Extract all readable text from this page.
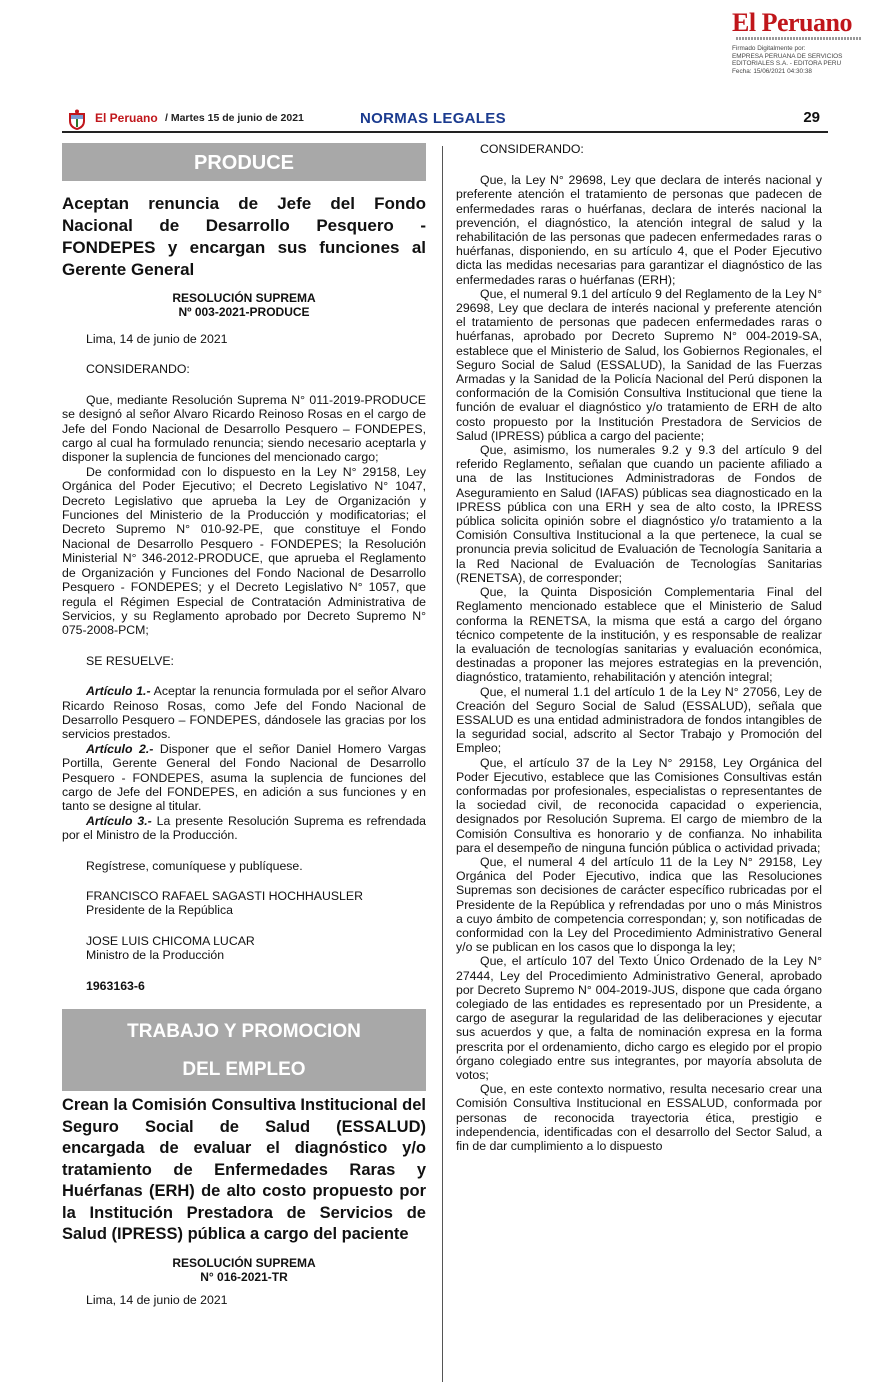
El Peruano
Firmado Digitalmente por:
EMPRESA PERUANA DE SERVICIOS
EDITORIALES S.A. - EDITORA PERU
Fecha: 15/06/2021 04:30:38
El Peruano / Martes 15 de junio de 2021	NORMAS LEGALES	29
PRODUCE

Aceptan renuncia de Jefe del Fondo Nacional de Desarrollo Pesquero - FONDEPES y encargan sus funciones al Gerente General

RESOLUCIÓN SUPREMA
Nº 003-2021-PRODUCE

Lima, 14 de junio de 2021

CONSIDERANDO:

Que, mediante Resolución Suprema N° 011-2019-PRODUCE se designó al señor Alvaro Ricardo Reinoso Rosas en el cargo de Jefe del Fondo Nacional de Desarrollo Pesquero – FONDEPES, cargo al cual ha formulado renuncia; siendo necesario aceptarla y disponer la suplencia de funciones del mencionado cargo;

De conformidad con lo dispuesto en la Ley N° 29158, Ley Orgánica del Poder Ejecutivo; el Decreto Legislativo N° 1047, Decreto Legislativo que aprueba la Ley de Organización y Funciones del Ministerio de la Producción y modificatorias; el Decreto Supremo N° 010-92-PE, que constituye el Fondo Nacional de Desarrollo Pesquero - FONDEPES; la Resolución Ministerial N° 346-2012-PRODUCE, que aprueba el Reglamento de Organización y Funciones del Fondo Nacional de Desarrollo Pesquero - FONDEPES; y el Decreto Legislativo N° 1057, que regula el Régimen Especial de Contratación Administrativa de Servicios, y su Reglamento aprobado por Decreto Supremo N° 075-2008-PCM;

SE RESUELVE:

Artículo 1.- Aceptar la renuncia formulada por el señor Alvaro Ricardo Reinoso Rosas, como Jefe del Fondo Nacional de Desarrollo Pesquero – FONDEPES, dándosele las gracias por los servicios prestados.

Artículo 2.- Disponer que el señor Daniel Homero Vargas Portilla, Gerente General del Fondo Nacional de Desarrollo Pesquero - FONDEPES, asuma la suplencia de funciones del cargo de Jefe del FONDEPES, en adición a sus funciones y en tanto se designe al titular.

Artículo 3.- La presente Resolución Suprema es refrendada por el Ministro de la Producción.

Regístrese, comuníquese y publíquese.

FRANCISCO RAFAEL SAGASTI HOCHHAUSLER

Presidente de la República

JOSE LUIS CHICOMA LUCAR

Ministro de la Producción

1963163-6

TRABAJO Y PROMOCION
DEL EMPLEO

Crean la Comisión Consultiva Institucional del Seguro Social de Salud (ESSALUD) encargada de evaluar el diagnóstico y/o tratamiento de Enfermedades Raras y Huérfanas (ERH) de alto costo propuesto por la Institución Prestadora de Servicios de Salud (IPRESS) pública a cargo del paciente

RESOLUCIÓN SUPREMA
N° 016-2021-TR

Lima, 14 de junio de 2021

CONSIDERANDO:

Que, la Ley N° 29698, Ley que declara de interés nacional y preferente atención el tratamiento de personas que padecen de enfermedades raras o huérfanas, declara de interés nacional la prevención, el diagnóstico, la atención integral de salud y la rehabilitación de las personas que padecen enfermedades raras o huérfanas, disponiendo, en su artículo 4, que el Poder Ejecutivo dicta las medidas necesarias para garantizar el diagnóstico de las enfermedades raras o huérfanas (ERH);

Que, el numeral 9.1 del artículo 9 del Reglamento de la Ley N° 29698, Ley que declara de interés nacional y preferente atención el tratamiento de personas que padecen enfermedades raras o huérfanas, aprobado por Decreto Supremo N° 004-2019-SA, establece que el Ministerio de Salud, los Gobiernos Regionales, el Seguro Social de Salud (ESSALUD), la Sanidad de las Fuerzas Armadas y la Sanidad de la Policía Nacional del Perú disponen la conformación de la Comisión Consultiva Institucional que tiene la función de evaluar el diagnóstico y/o tratamiento de ERH de alto costo propuesto por la Institución Prestadora de Servicios de Salud (IPRESS) pública a cargo del paciente;

Que, asimismo, los numerales 9.2 y 9.3 del artículo 9 del referido Reglamento, señalan que cuando un paciente afiliado a una de las Instituciones Administradoras de Fondos de Aseguramiento en Salud (IAFAS) públicas sea diagnosticado en la IPRESS pública con una ERH y sea de alto costo, la IPRESS pública solicita opinión sobre el diagnóstico y/o tratamiento a la Comisión Consultiva Institucional a la que pertenece, la cual se pronuncia previa solicitud de Evaluación de Tecnología Sanitaria a la Red Nacional de Evaluación de Tecnologías Sanitarias (RENETSA), de corresponder;

Que, la Quinta Disposición Complementaria Final del Reglamento mencionado establece que el Ministerio de Salud conforma la RENETSA, la misma que está a cargo del órgano técnico competente de la institución, y es responsable de realizar la evaluación de tecnologías sanitarias y evaluación económica, destinadas a proponer las mejores estrategias en la prevención, diagnóstico, tratamiento, rehabilitación y atención integral;

Que, el numeral 1.1 del artículo 1 de la Ley N° 27056, Ley de Creación del Seguro Social de Salud (ESSALUD), señala que ESSALUD es una entidad administradora de fondos intangibles de la seguridad social, adscrito al Sector Trabajo y Promoción del Empleo;

Que, el artículo 37 de la Ley N° 29158, Ley Orgánica del Poder Ejecutivo, establece que las Comisiones Consultivas están conformadas por profesionales, especialistas o representantes de la sociedad civil, de reconocida capacidad o experiencia, designados por Resolución Suprema. El cargo de miembro de la Comisión Consultiva es honorario y de confianza. No inhabilita para el desempeño de ninguna función pública o actividad privada;

Que, el numeral 4 del artículo 11 de la Ley N° 29158, Ley Orgánica del Poder Ejecutivo, indica que las Resoluciones Supremas son decisiones de carácter específico rubricadas por el Presidente de la República y refrendadas por uno o más Ministros a cuyo ámbito de competencia correspondan; y, son notificadas de conformidad con la Ley del Procedimiento Administrativo General y/o se publican en los casos que lo disponga la ley;

Que, el artículo 107 del Texto Único Ordenado de la Ley N° 27444, Ley del Procedimiento Administrativo General, aprobado por Decreto Supremo N° 004-2019-JUS, dispone que cada órgano colegiado de las entidades es representado por un Presidente, a cargo de asegurar la regularidad de las deliberaciones y ejecutar sus acuerdos y que, a falta de nominación expresa en la forma prescrita por el ordenamiento, dicho cargo es elegido por el propio órgano colegiado entre sus integrantes, por mayoría absoluta de votos;

Que, en este contexto normativo, resulta necesario crear una Comisión Consultiva Institucional en ESSALUD, conformada por personas de reconocida trayectoria ética, prestigio e independencia, identificadas con el desarrollo del Sector Salud, a fin de dar cumplimiento a lo dispuesto
